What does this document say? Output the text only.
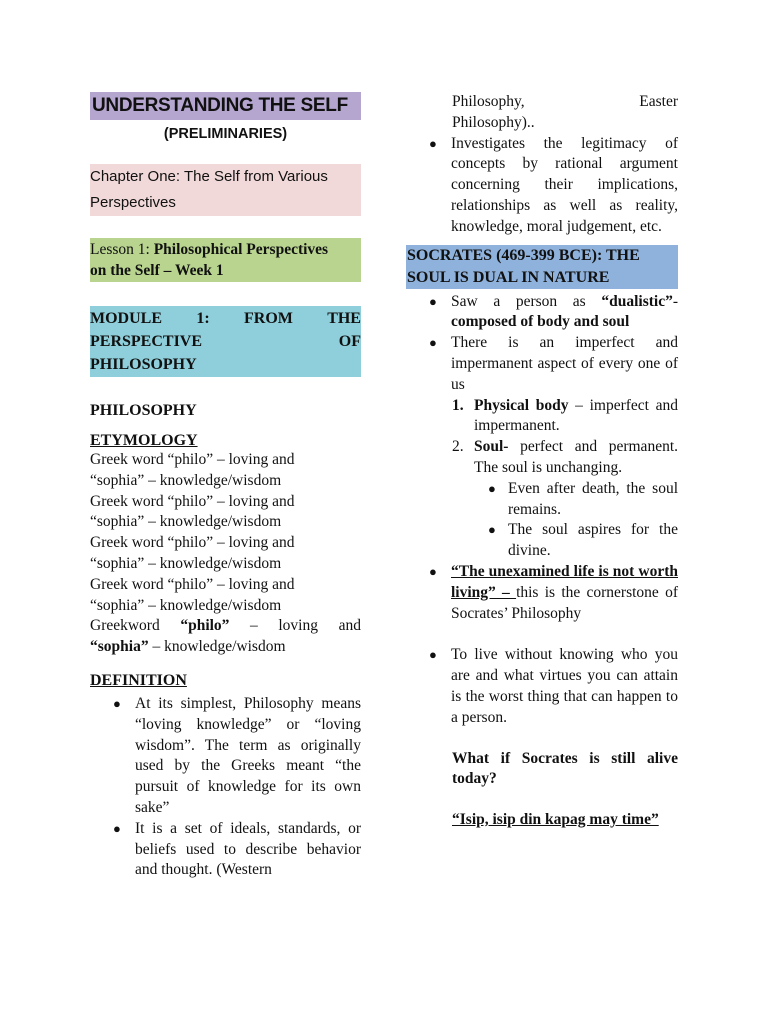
UNDERSTANDING THE SELF
(PRELIMINARIES)
Chapter One: The Self from Various
Perspectives
Lesson 1: Philosophical Perspectives
on the Self – Week 1
MODULE 1: FROM THE
PERSPECTIVE	OF
PHILOSOPHY
PHILOSOPHY
ETYMOLOGY
Greek word “philo” – loving and
“sophia” – knowledge/wisdom
Greek word “philo” – loving and
“sophia” – knowledge/wisdom
Greek word “philo” – loving and
“sophia” – knowledge/wisdom
Greek word “philo” – loving and
“sophia” – knowledge/wisdom
Greekword “philo” – loving and
“sophia” – knowledge/wisdom
DEFINITION
● At its simplest, Philosophy means “loving knowledge” or “loving wisdom”. The term as originally used by the Greeks meant “the pursuit of knowledge for its own sake”
● It is a set of ideals, standards, or beliefs used to describe behavior and thought. (Western
Philosophy,	Easter
Philosophy)..
● Investigates the legitimacy of concepts by rational argument concerning their implications, relationships as well as reality, knowledge, moral judgement, etc.
SOCRATES (469-399 BCE): THE SOUL IS DUAL IN NATURE
● Saw a person as “dualistic”- composed of body and soul
● There is an imperfect and impermanent aspect of every one of us
1. Physical body – imperfect and impermanent.
2. Soul- perfect and permanent. The soul is unchanging.
● Even after death, the soul remains.
● The soul aspires for the divine.
● “The unexamined life is not worth living” – this is the cornerstone of Socrates’ Philosophy
● To live without knowing who you are and what virtues you can attain is the worst thing that can happen to a person.
What if Socrates is still alive today?
“Isip, isip din kapag may time”
